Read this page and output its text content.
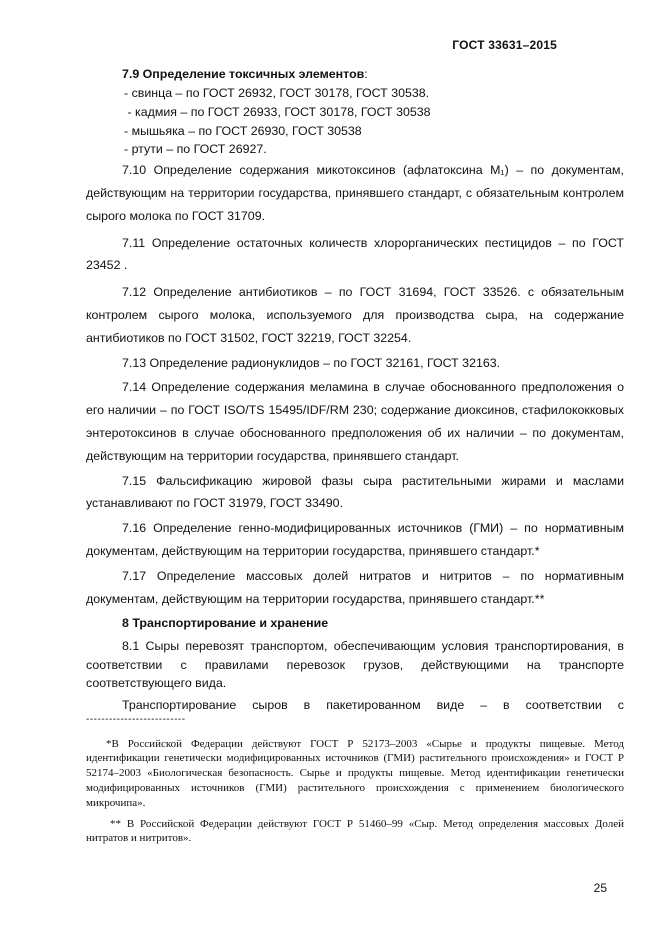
ГОСТ 33631–2015

7.9 Определение токсичных элементов:

- свинца – по ГОСТ 26932, ГОСТ 30178, ГОСТ 30538.
- кадмия – по ГОСТ 26933, ГОСТ 30178, ГОСТ 30538
- мышьяка – по ГОСТ 26930, ГОСТ 30538
- ртути – по ГОСТ 26927.

7.10 Определение содержания микотоксинов (афлатоксина M₁) – по документам, действующим на территории государства, принявшего стандарт, с обязательным контролем сырого молока по ГОСТ 31709.

7.11 Определение остаточных количеств хлорорганических пестицидов – по ГОСТ 23452 .

7.12 Определение антибиотиков – по ГОСТ 31694, ГОСТ 33526. с обязательным контролем сырого молока, используемого для производства сыра, на содержание антибиотиков по ГОСТ 31502, ГОСТ 32219, ГОСТ 32254.

7.13 Определение радионуклидов – по ГОСТ 32161, ГОСТ 32163.

7.14 Определение содержания меламина в случае обоснованного предположения о его наличии – по ГОСТ ISO/TS 15495/IDF/RM 230; содержание диоксинов, стафилококковых энтеротоксинов в случае обоснованного предположения об их наличии – по документам, действующим на территории государства, принявшего стандарт.

7.15 Фальсификацию жировой фазы сыра растительными жирами и маслами устанавливают по ГОСТ 31979, ГОСТ 33490.

7.16 Определение генно-модифицированных источников (ГМИ) – по нормативным документам, действующим на территории государства, принявшего стандарт.*

7.17 Определение массовых долей нитратов и нитритов – по нормативным документам, действующим на территории государства, принявшего стандарт.**

8 Транспортирование и хранение

8.1 Сыры перевозят транспортом, обеспечивающим условия транспортирования, в соответствии с правилами перевозок грузов, действующими на транспорте соответствующего вида.

Транспортирование сыров в пакетированном виде – в соответствии с

--------------------------

*В Российской Федерации действуют ГОСТ Р 52173–2003 «Сырье и продукты пищевые. Метод идентификации генетически модифицированных источников (ГМИ) растительного происхождения» и ГОСТ Р 52174–2003 «Биологическая безопасность. Сырье и продукты пищевые. Метод идентификации генетически модифицированных источников (ГМИ) растительного происхождения с применением биологического микрочипа».

** В Российской Федерации действуют ГОСТ Р 51460–99 «Сыр. Метод определения массовых Долей нитратов и нитритов».

25
